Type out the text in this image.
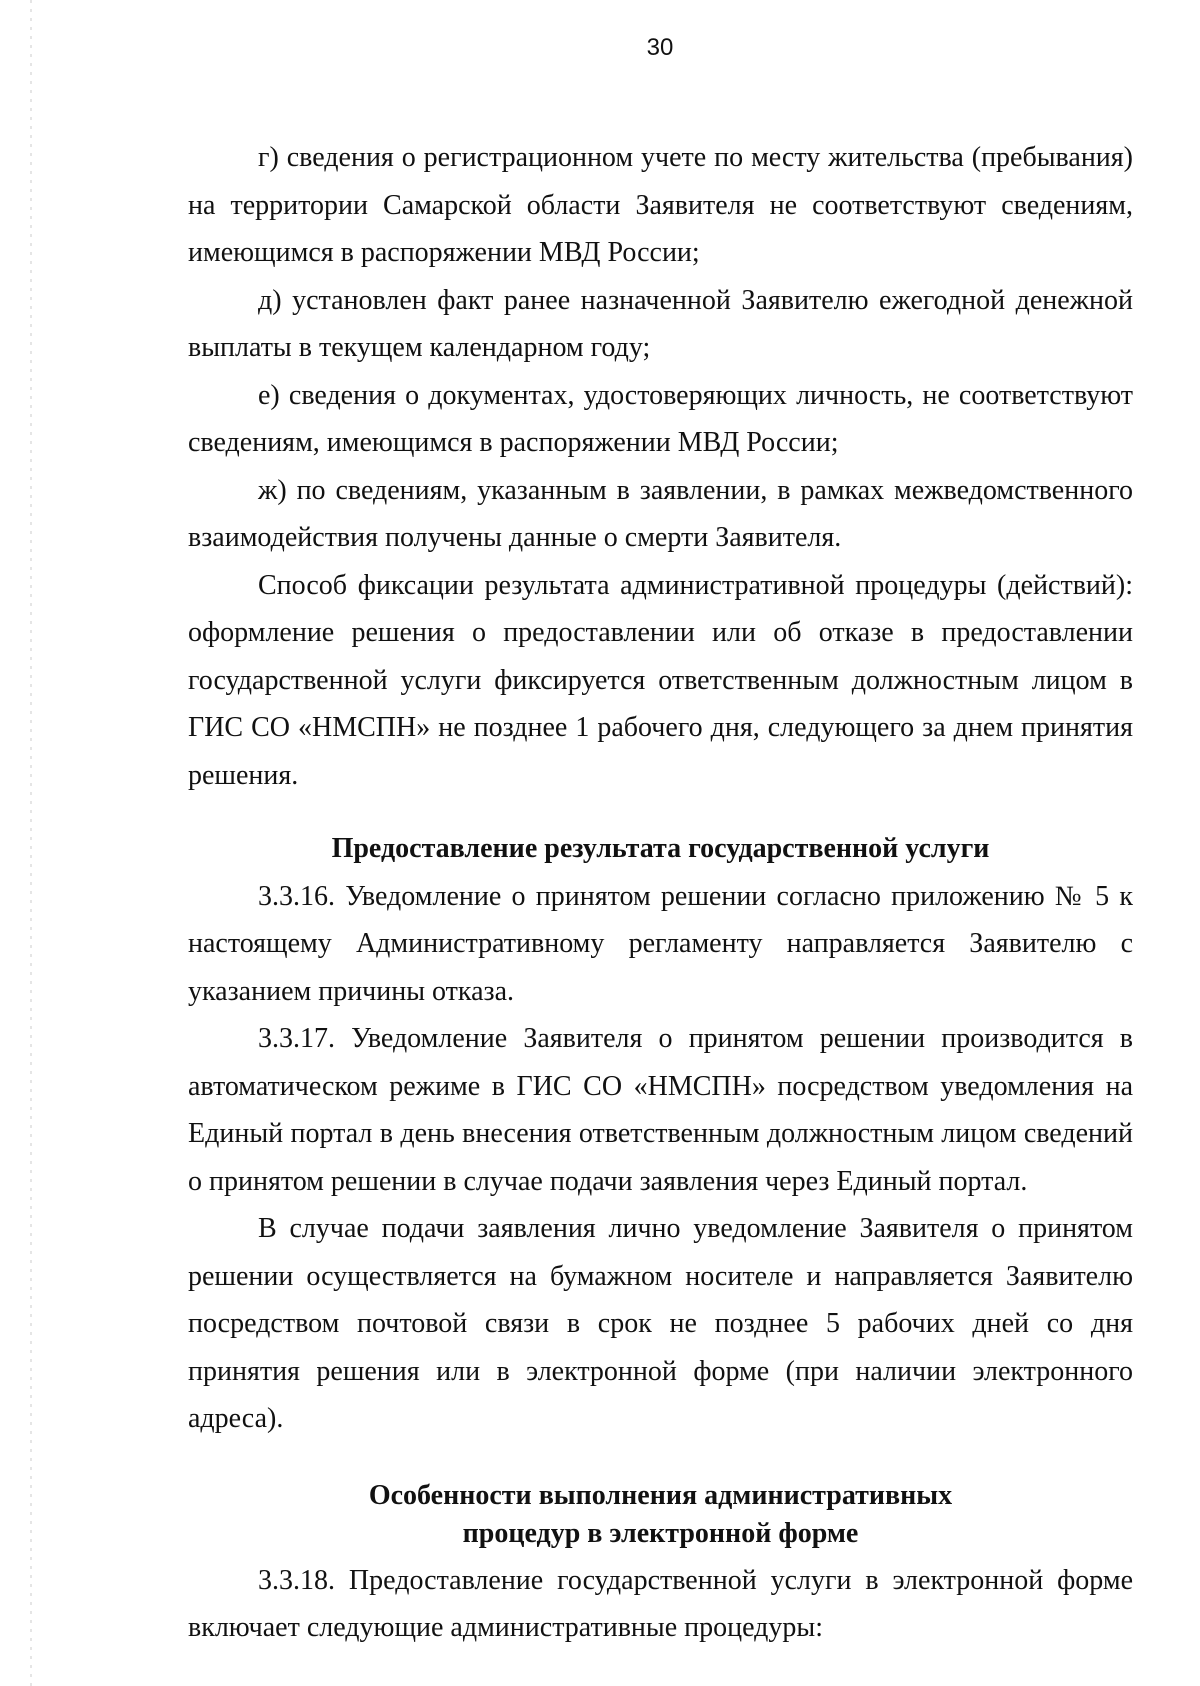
30

г) сведения о регистрационном учете по месту жительства (пребывания) на территории Самарской области Заявителя не соответствуют сведениям, имеющимся в распоряжении МВД России;

д) установлен факт ранее назначенной Заявителю ежегодной денежной выплаты в текущем календарном году;

е) сведения о документах, удостоверяющих личность, не соответствуют сведениям, имеющимся в распоряжении МВД России;

ж) по сведениям, указанным в заявлении, в рамках межведомственного взаимодействия получены данные о смерти Заявителя.

Способ фиксации результата административной процедуры (действий): оформление решения о предоставлении или об отказе в предоставлении государственной услуги фиксируется ответственным должностным лицом в ГИС СО «НМСПН» не позднее 1 рабочего дня, следующего за днем принятия решения.

Предоставление результата государственной услуги

3.3.16. Уведомление о принятом решении согласно приложению № 5 к настоящему Административному регламенту направляется Заявителю с указанием причины отказа.

3.3.17. Уведомление Заявителя о принятом решении производится в автоматическом режиме в ГИС СО «НМСПН» посредством уведомления на Единый портал в день внесения ответственным должностным лицом сведений о принятом решении в случае подачи заявления через Единый портал.

В случае подачи заявления лично уведомление Заявителя о принятом решении осуществляется на бумажном носителе и направляется Заявителю посредством почтовой связи в срок не позднее 5 рабочих дней со дня принятия решения или в электронной форме (при наличии электронного адреса).

Особенности выполнения административных
процедур в электронной форме

3.3.18. Предоставление государственной услуги в электронной форме включает следующие административные процедуры:
